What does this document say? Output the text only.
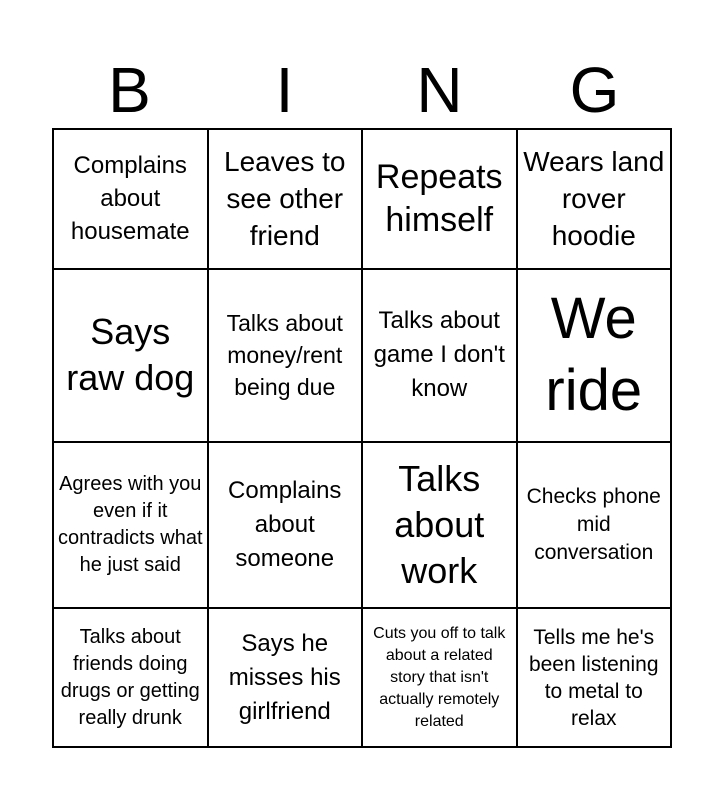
B	I	N	G
Complains about housemate
Leaves to see other friend
Repeats himself
Wears land rover hoodie
Says raw dog
Talks about money/rent being due
Talks about game I don't know
We ride
Agrees with you even if it contradicts what he just said
Complains about someone
Talks about work
Checks phone mid conversation
Talks about friends doing drugs or getting really drunk
Says he misses his girlfriend
Cuts you off to talk about a related story that isn't actually remotely related
Tells me he's been listening to metal to relax
